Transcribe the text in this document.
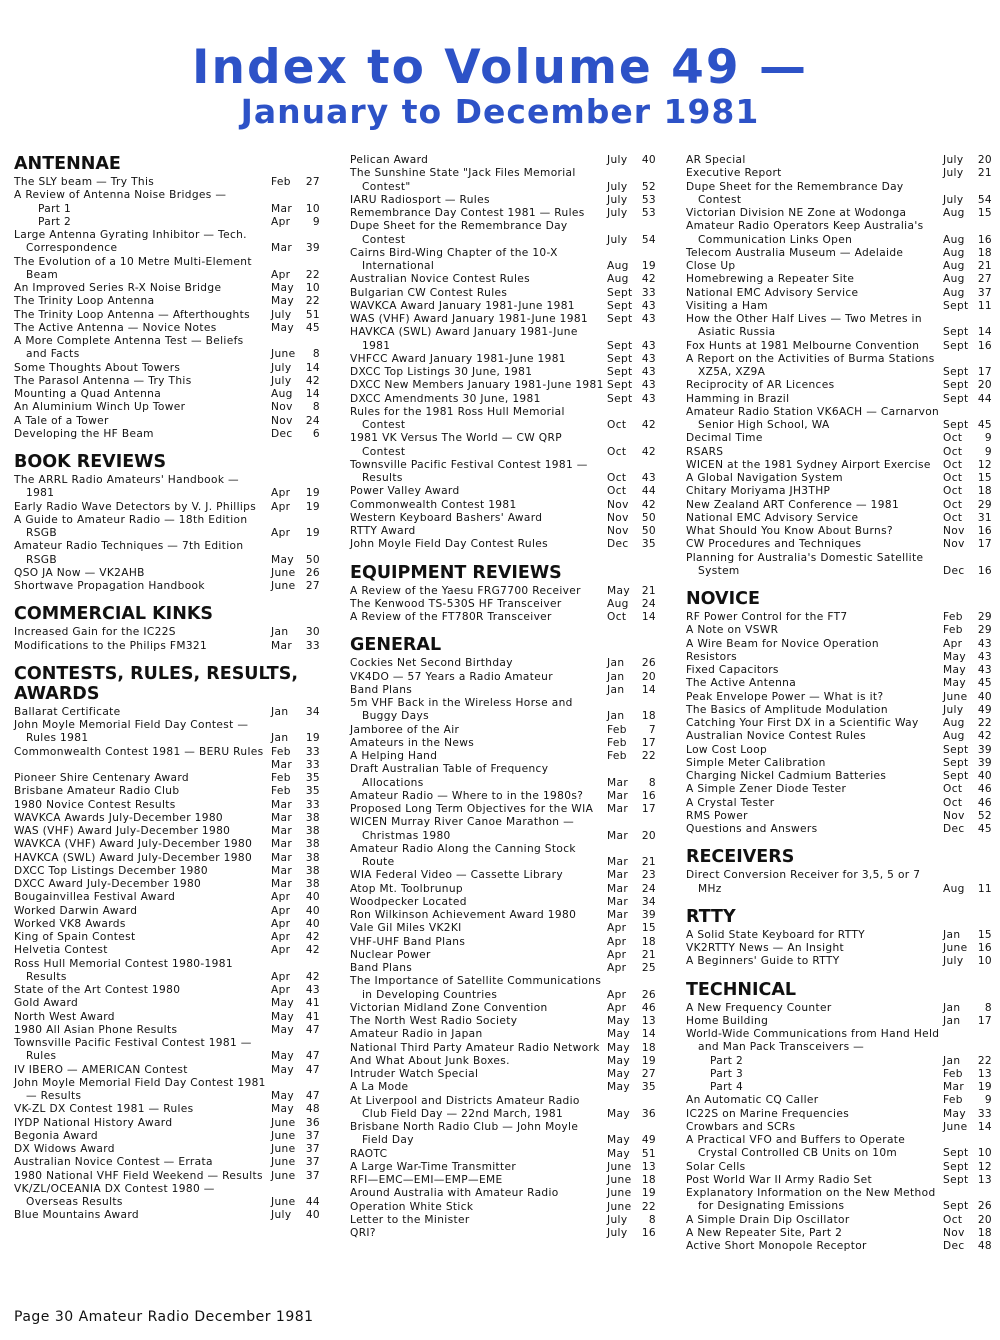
Index to Volume 49 —
January to December 1981
ANTENNAE
The SLY beam — Try This	Feb	27
A Review of Antenna Noise Bridges —
Part 1	Mar	10
Part 2	Apr	9
Large Antenna Gyrating Inhibitor — Tech. Correspondence	Mar	39
The Evolution of a 10 Metre Multi-Element Beam	Apr	22
An Improved Series R-X Noise Bridge	May	10
The Trinity Loop Antenna	May	22
The Trinity Loop Antenna — Afterthoughts	July	51
The Active Antenna — Novice Notes	May	45
A More Complete Antenna Test — Beliefs and Facts	June	8
Some Thoughts About Towers	July	14
The Parasol Antenna — Try This	July	42
Mounting a Quad Antenna	Aug	14
An Aluminium Winch Up Tower	Nov	8
A Tale of a Tower	Nov	24
Developing the HF Beam	Dec	6
BOOK REVIEWS
The ARRL Radio Amateurs' Handbook — 1981	Apr	19
Early Radio Wave Detectors by V. J. Phillips	Apr	19
A Guide to Amateur Radio — 18th Edition RSGB	Apr	19
Amateur Radio Techniques — 7th Edition RSGB	May	50
QSO JA Now — VK2AHB	June 26
Shortwave Propagation Handbook	June 27
COMMERCIAL KINKS
Increased Gain for the IC22S	Jan	30
Modifications to the Philips FM321	Mar	33
CONTESTS, RULES, RESULTS, AWARDS
Ballarat Certificate	Jan	34
John Moyle Memorial Field Day Contest — Rules 1981	Jan	19
Commonwealth Contest 1981 — BERU Rules Feb	33
Mar	33
Pioneer Shire Centenary Award	Feb	35
Brisbane Amateur Radio Club	Feb	35
1980 Novice Contest Results	Mar	33
WAVKCA Awards July-December 1980	Mar	38
WAS (VHF) Award July-December 1980	Mar	38
WAVKCA (VHF) Award July-December 1980	Mar	38
HAVKCA (SWL) Award July-December 1980	Mar	38
DXCC Top Listings December 1980	Mar	38
DXCC Award July-December 1980	Mar	38
Bougainvillea Festival Award	Apr	40
Worked Darwin Award	Apr	40
Worked VK8 Awards	Apr	40
King of Spain Contest	Apr	42
Helvetia Contest	Apr	42
Ross Hull Memorial Contest 1980-1981 Results	Apr	42
State of the Art Contest 1980	Apr	43
Gold Award	May	41
North West Award	May	41
1980 All Asian Phone Results	May	47
Townsville Pacific Festival Contest 1981 — Rules	May	47
IV IBERO — AMERICAN Contest	May	47
John Moyle Memorial Field Day Contest 1981 — Results	May	47
VK-ZL DX Contest 1981 — Rules	May	48
IYDP National History Award	June 36
Begonia Award	June 37
DX Widows Award	June 37
Australian Novice Contest — Errata	June 37
1980 National VHF Field Weekend — Results June 37
VK/ZL/OCEANIA DX Contest 1980 — Overseas Results	June 44
Blue Mountains Award	July	40
Pelican Award	July	40
The Sunshine State "Jack Files Memorial Contest"	July	52
IARU Radiosport — Rules	July	53
Remembrance Day Contest 1981 — Rules	July	53
Dupe Sheet for the Remembrance Day Contest	July	54
Cairns Bird-Wing Chapter of the 10-X International	Aug	19
Australian Novice Contest Rules	Aug	42
Bulgarian CW Contest Rules	Sept 33
WAVKCA Award January 1981-June 1981	Sept 43
WAS (VHF) Award January 1981-June 1981	Sept 43
HAVKCA (SWL) Award January 1981-June 1981	Sept 43
VHFCC Award January 1981-June 1981	Sept 43
DXCC Top Listings 30 June, 1981	Sept 43
DXCC New Members January 1981-June 1981 Sept 43
DXCC Amendments 30 June, 1981	Sept 43
Rules for the 1981 Ross Hull Memorial Contest	Oct	42
1981 VK Versus The World — CW QRP Contest	Oct	42
Townsville Pacific Festival Contest 1981 — Results	Oct	43
Power Valley Award	Oct	44
Commonwealth Contest 1981	Nov	42
Western Keyboard Bashers' Award	Nov	50
RTTY Award	Nov	50
John Moyle Field Day Contest Rules	Dec	35
EQUIPMENT REVIEWS
A Review of the Yaesu FRG7700 Receiver	May	21
The Kenwood TS-530S HF Transceiver	Aug	24
A Review of the FT780R Transceiver	Oct	14
GENERAL
Cockies Net Second Birthday	Jan	26
VK4DO — 57 Years a Radio Amateur	Jan	20
Band Plans	Jan	14
5m VHF Back in the Wireless Horse and Buggy Days	Jan	18
Jamboree of the Air	Feb	7
Amateurs in the News	Feb	17
A Helping Hand	Feb	22
Draft Australian Table of Frequency Allocations	Mar	8
Amateur Radio — Where to in the 1980s?	Mar	16
Proposed Long Term Objectives for the WIA	Mar	17
WICEN Murray River Canoe Marathon — Christmas 1980	Mar	20
Amateur Radio Along the Canning Stock Route	Mar	21
WIA Federal Video — Cassette Library	Mar	23
Atop Mt. Toolbrunup	Mar	24
Woodpecker Located	Mar	34
Ron Wilkinson Achievement Award 1980	Mar	39
Vale Gil Miles VK2KI	Apr	15
VHF-UHF Band Plans	Apr	18
Nuclear Power	Apr	21
Band Plans	Apr	25
The Importance of Satellite Communications in Developing Countries	Apr	26
Victorian Midland Zone Convention	Apr	46
The North West Radio Society	May	13
Amateur Radio in Japan	May	14
National Third Party Amateur Radio Network May	18
And What About Junk Boxes.	May	19
Intruder Watch Special	May	27
A La Mode	May	35
At Liverpool and Districts Amateur Radio Club Field Day — 22nd March, 1981	May	36
Brisbane North Radio Club — John Moyle Field Day	May	49
RAOTC	May	51
A Large War-Time Transmitter	June 13
RFI—EMC—EMI—EMP—EME	June 18
Around Australia with Amateur Radio	June 19
Operation White Stick	June 22
Letter to the Minister	July	8
QRI?	July	16
AR Special	July	20
Executive Report	July	21
Dupe Sheet for the Remembrance Day Contest	July	54
Victorian Division NE Zone at Wodonga	Aug	15
Amateur Radio Operators Keep Australia's Communication Links Open	Aug	16
Telecom Australia Museum — Adelaide	Aug	18
Close Up	Aug	21
Homebrewing a Repeater Site	Aug	27
National EMC Advisory Service	Aug	37
Visiting a Ham	Sept 11
How the Other Half Lives — Two Metres in Asiatic Russia	Sept 14
Fox Hunts at 1981 Melbourne Convention	Sept 16
A Report on the Activities of Burma Stations XZ5A, XZ9A	Sept 17
Reciprocity of AR Licences	Sept 20
Hamming in Brazil	Sept 44
Amateur Radio Station VK6ACH — Carnarvon Senior High School, WA	Sept 45
Decimal Time	Oct	9
RSARS	Oct	9
WICEN at the 1981 Sydney Airport Exercise	Oct	12
A Global Navigation System	Oct	15
Chitary Moriyama JH3THP	Oct	18
New Zealand ART Conference — 1981	Oct	29
National EMC Advisory Service	Oct	31
What Should You Know About Burns?	Nov	16
CW Procedures and Techniques	Nov	17
Planning for Australia's Domestic Satellite System	Dec	16
NOVICE
RF Power Control for the FT7	Feb	29
A Note on VSWR	Feb	29
A Wire Beam for Novice Operation	Apr	43
Resistors	May	43
Fixed Capacitors	May	43
The Active Antenna	May	45
Peak Envelope Power — What is it?	June 40
The Basics of Amplitude Modulation	July	49
Catching Your First DX in a Scientific Way	Aug	22
Australian Novice Contest Rules	Aug	42
Low Cost Loop	Sept 39
Simple Meter Calibration	Sept 39
Charging Nickel Cadmium Batteries	Sept 40
A Simple Zener Diode Tester	Oct	46
A Crystal Tester	Oct	46
RMS Power	Nov	52
Questions and Answers	Dec	45
RECEIVERS
Direct Conversion Receiver for 3,5, 5 or 7 MHz	Aug	11
RTTY
A Solid State Keyboard for RTTY	Jan	15
VK2RTTY News — An Insight	June 16
A Beginners' Guide to RTTY	July	10
TECHNICAL
A New Frequency Counter	Jan	8
Home Building	Jan	17
World-Wide Communications from Hand Held and Man Pack Transceivers —
Part 2	Jan	22
Part 3	Feb	13
Part 4	Mar	19
An Automatic CQ Caller	Feb	9
IC22S on Marine Frequencies	May	33
Crowbars and SCRs	June 14
A Practical VFO and Buffers to Operate Crystal Controlled CB Units on 10m	Sept 10
Solar Cells	Sept 12
Post World War II Army Radio Set	Sept 13
Explanatory Information on the New Method for Designating Emissions	Sept 26
A Simple Drain Dip Oscillator	Oct	20
A New Repeater Site, Part 2	Nov	18
Active Short Monopole Receptor	Dec	48
Page 30 Amateur Radio December 1981
